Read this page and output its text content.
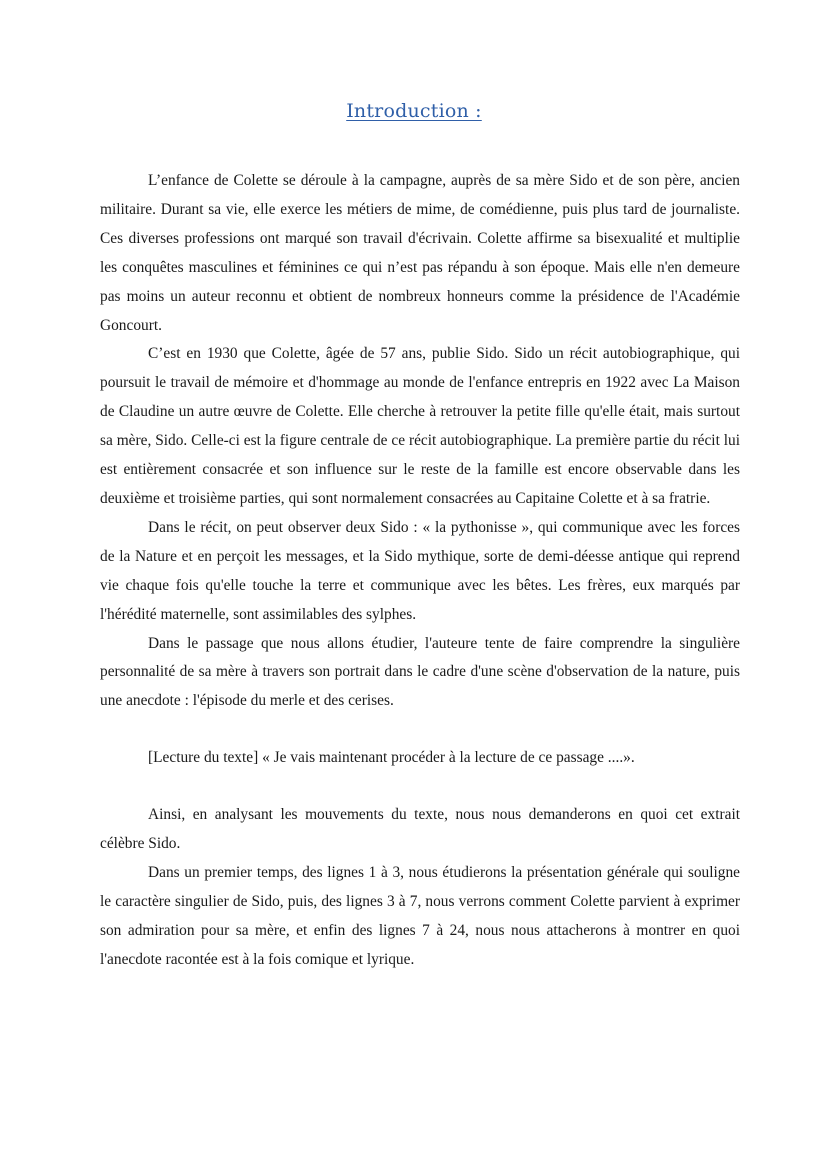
Introduction :

L’enfance de Colette se déroule à la campagne, auprès de sa mère Sido et de son père, ancien militaire. Durant sa vie, elle exerce les métiers de mime, de comédienne, puis plus tard de journaliste. Ces diverses professions ont marqué son travail d'écrivain. Colette affirme sa bisexualité et multiplie les conquêtes masculines et féminines ce qui n’est pas répandu à son époque. Mais elle n'en demeure pas moins un auteur reconnu et obtient de nombreux honneurs comme la présidence de l'Académie Goncourt.

C’est en 1930 que Colette, âgée de 57 ans, publie Sido. Sido un récit autobiographique, qui poursuit le travail de mémoire et d'hommage au monde de l'enfance entrepris en 1922 avec La Maison de Claudine un autre œuvre de Colette. Elle cherche à retrouver la petite fille qu'elle était, mais surtout sa mère, Sido. Celle-ci est la figure centrale de ce récit autobiographique. La première partie du récit lui est entièrement consacrée et son influence sur le reste de la famille est encore observable dans les deuxième et troisième parties, qui sont normalement consacrées au Capitaine Colette et à sa fratrie.

Dans le récit, on peut observer deux Sido : « la pythonisse », qui communique avec les forces de la Nature et en perçoit les messages, et la Sido mythique, sorte de demi-déesse antique qui reprend vie chaque fois qu'elle touche la terre et communique avec les bêtes. Les frères, eux marqués par l'hérédité maternelle, sont assimilables des sylphes.

Dans le passage que nous allons étudier, l'auteure tente de faire comprendre la singulière personnalité de sa mère à travers son portrait dans le cadre d'une scène d'observation de la nature, puis une anecdote : l'épisode du merle et des cerises.

[Lecture du texte] « Je vais maintenant procéder à la lecture de ce passage ....».

Ainsi, en analysant les mouvements du texte, nous nous demanderons en quoi cet extrait célèbre Sido.

Dans un premier temps, des lignes 1 à 3, nous étudierons la présentation générale qui souligne le caractère singulier de Sido, puis, des lignes 3 à 7, nous verrons comment Colette parvient à exprimer son admiration pour sa mère, et enfin des lignes 7 à 24, nous nous attacherons à montrer en quoi l'anecdote racontée est à la fois comique et lyrique.
